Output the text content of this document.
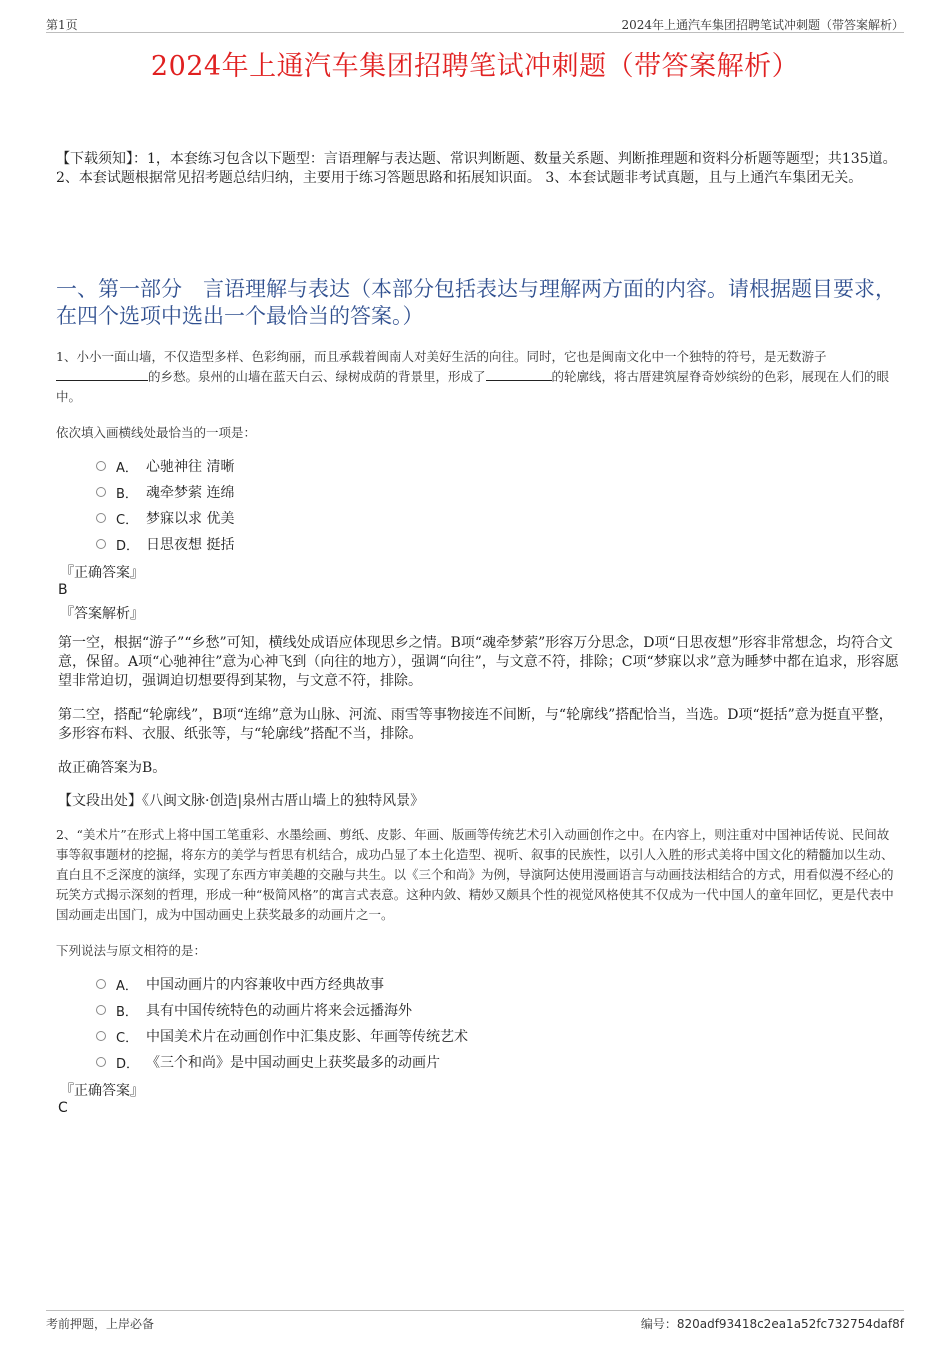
第1页	2024年上通汽车集团招聘笔试冲刺题（带答案解析）
2024年上通汽车集团招聘笔试冲刺题（带答案解析）
【下载须知】：1，本套练习包含以下题型：言语理解与表达题、常识判断题、数量关系题、判断推理题和资料分析题等题型；共135道。 2、本套试题根据常见招考题总结归纳，主要用于练习答题思路和拓展知识面。 3、本套试题非考试真题，且与上通汽车集团无关。
一、第一部分　言语理解与表达（本部分包括表达与理解两方面的内容。请根据题目要求，在四个选项中选出一个最恰当的答案。）
1、小小一面山墙，不仅造型多样、色彩绚丽，而且承载着闽南人对美好生活的向往。同时，它也是闽南文化中一个独特的符号，是无数游子
的乡愁。泉州的山墙在蓝天白云、绿树成荫的背景里，形成了	的轮廓线，将古厝建筑屋脊奇妙缤纷的色彩，展现在人们的眼中。
依次填入画横线处最恰当的一项是：
A． 心驰神往 清晰
B． 魂牵梦萦 连绵
C． 梦寐以求 优美
D． 日思夜想 挺括
『正确答案』
B
『答案解析』
第一空，根据“游子”“乡愁”可知，横线处成语应体现思乡之情。B项“魂牵梦萦”形容万分思念，D项“日思夜想”形容非常想念，均符合文意，保留。A项“心驰神往”意为心神飞到（向往的地方），强调“向往”，与文意不符，排除；C项“梦寐以求”意为睡梦中都在追求，形容愿望非常迫切，强调迫切想要得到某物，与文意不符，排除。
第二空，搭配“轮廓线”，B项“连绵”意为山脉、河流、雨雪等事物接连不间断，与“轮廓线”搭配恰当，当选。D项“挺括”意为挺直平整，多形容布料、衣服、纸张等，与“轮廓线”搭配不当，排除。
故正确答案为B。
【文段出处】《八闽文脉·创造|泉州古厝山墙上的独特风景》
2、“美术片”在形式上将中国工笔重彩、水墨绘画、剪纸、皮影、年画、版画等传统艺术引入动画创作之中。在内容上，则注重对中国神话传说、民间故事等叙事题材的挖掘，将东方的美学与哲思有机结合，成功凸显了本土化造型、视听、叙事的民族性，以引人入胜的形式美将中国文化的精髓加以生动、直白且不乏深度的演绎，实现了东西方审美趣的交融与共生。以《三个和尚》为例，导演阿达使用漫画语言与动画技法相结合的方式，用看似漫不经心的玩笑方式揭示深刻的哲理，形成一种“极简风格”的寓言式表意。这种内敛、精妙又颇具个性的视觉风格使其不仅成为一代中国人的童年回忆，更是代表中国动画走出国门，成为中国动画史上获奖最多的动画片之一。
下列说法与原文相符的是：
A． 中国动画片的内容兼收中西方经典故事
B． 具有中国传统特色的动画片将来会远播海外
C． 中国美术片在动画创作中汇集皮影、年画等传统艺术
D． 《三个和尚》是中国动画史上获奖最多的动画片
『正确答案』
C
考前押题，上岸必备	编号：820adf93418c2ea1a52fc732754daf8f
